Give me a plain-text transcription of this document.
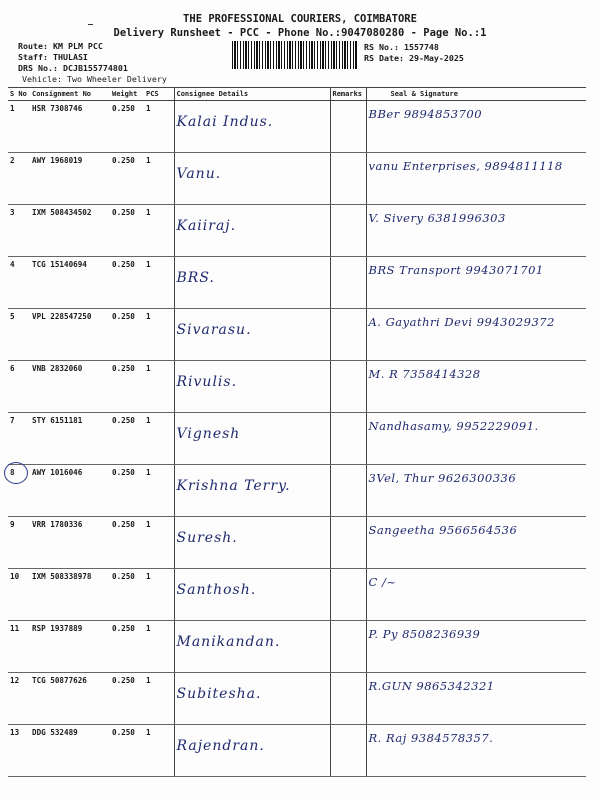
THE PROFESSIONAL COURIERS, COIMBATORE
Delivery Runsheet - PCC - Phone No.:9047080280 - Page No.:1
Route: KM PLM PCC
Staff: THULASI
DRS No.: DCJB155774801
Vehicle: Two Wheeler Delivery
RS No.: 1557748
RS Date: 29-May-2025
S No	Consignment No	Weight	PCS	Consignee Details	Remarks	Seal & Signature
1	HSR 7308746	0.250	1	Kalai Indus.		BBer 9894853700
2	AWY 1968019	0.250	1	Vanu.		vanu Enterprises, 9894811118
3	IXM 508434502	0.250	1	Kaiiraj.		V. Sivery 6381996303
4	TCG 15140694	0.250	1	BRS.		BRS Transport 9943071701
5	VPL 228547250	0.250	1	Sivarasu.		A. Gayathri Devi 9943029372
6	VNB 2832060	0.250	1	Rivulis.		M. R 7358414328
7	STY 6151181	0.250	1	Vignesh		Nandhasamy, 9952229091.
8	AWY 1016046	0.250	1	Krishna Terry.		3Vel, Thur 9626300336
9	VRR 1780336	0.250	1	Suresh.		Sangeetha 9566564536
10	IXM 508338978	0.250	1	Santhosh.		C /~
11	RSP 1937889	0.250	1	Manikandan.		P. Py 8508236939
12	TCG 50877626	0.250	1	Subitesha.		R.GUN 9865342321
13	DDG 532489	0.250	1	Rajendran.		R. Raj 9384578357.
